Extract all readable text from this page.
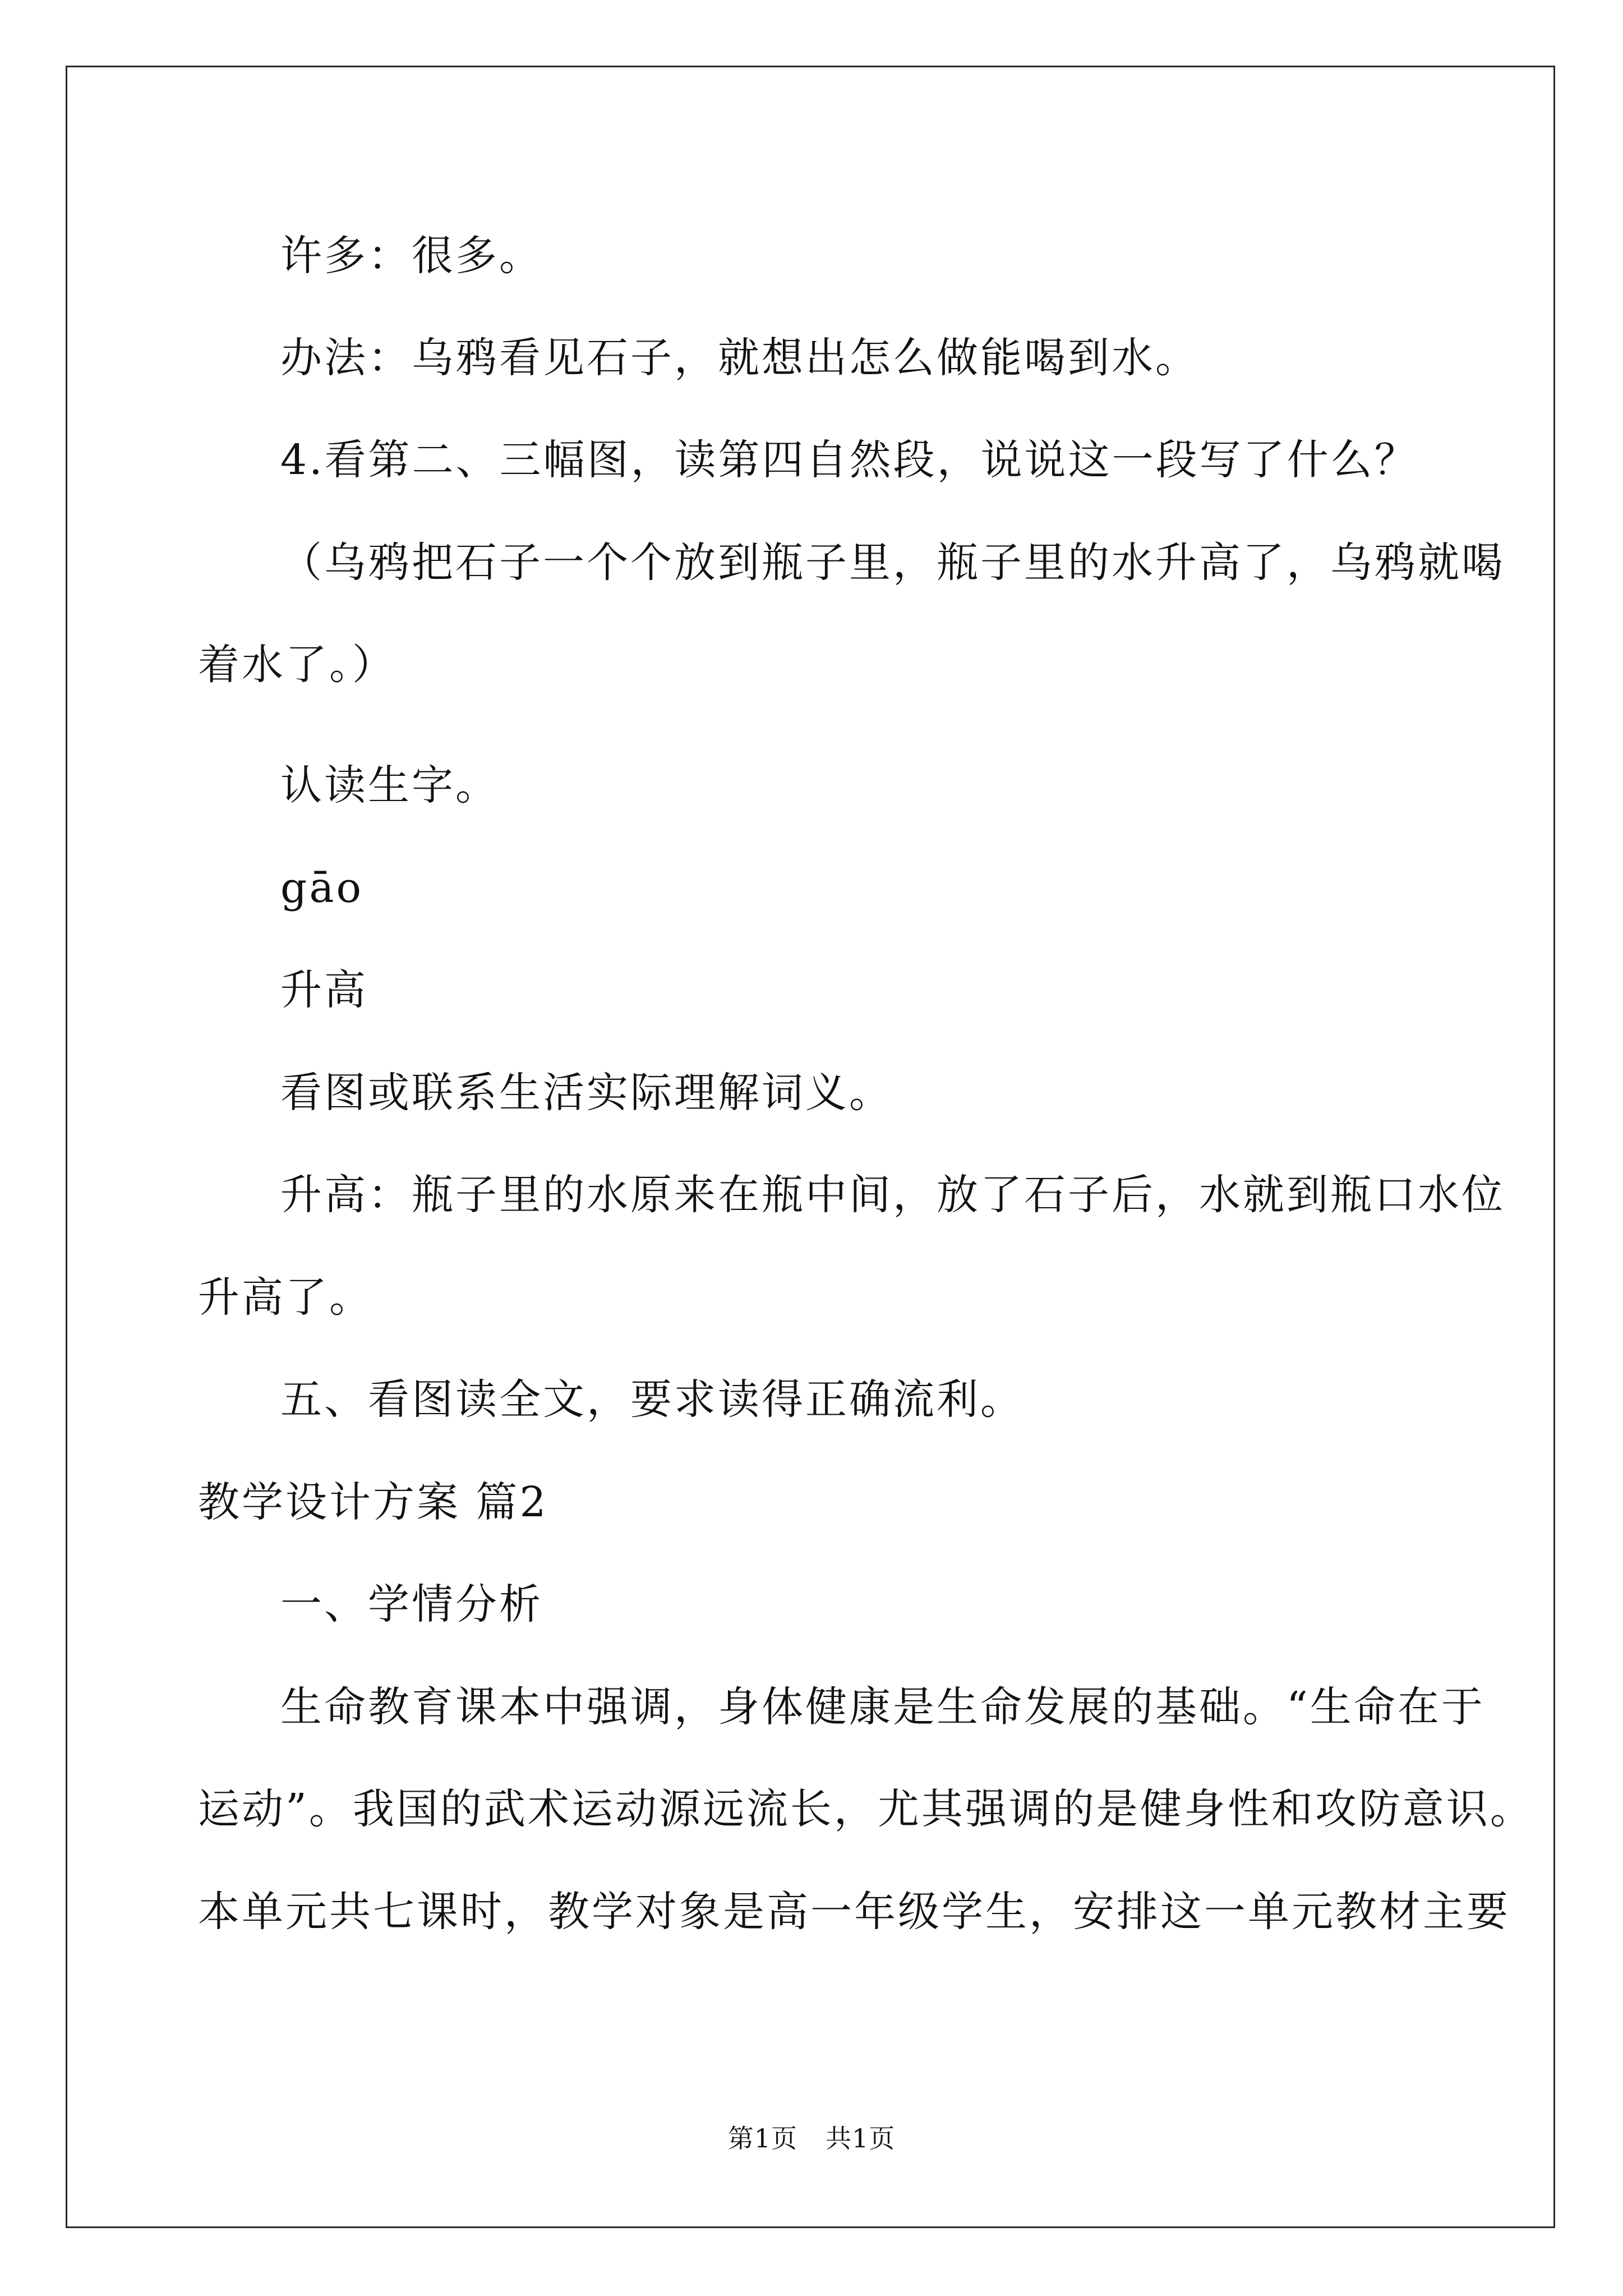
许多：很多。
办法：乌鸦看见石子，就想出怎么做能喝到水。
4.看第二、三幅图，读第四自然段，说说这一段写了什么？
（乌鸦把石子一个个放到瓶子里，瓶子里的水升高了，乌鸦就喝
着水了。）
认读生字。
gāo
升高
看图或联系生活实际理解词义。
升高：瓶子里的水原来在瓶中间，放了石子后，水就到瓶口水位
升高了。
五、看图读全文，要求读得正确流利。
教学设计方案 篇2
一、学情分析
生命教育课本中强调，身体健康是生命发展的基础。“生命在于
运动”。我国的武术运动源远流长，尤其强调的是健身性和攻防意识。
本单元共七课时，教学对象是高一年级学生，安排这一单元教材主要
第1页 共1页
